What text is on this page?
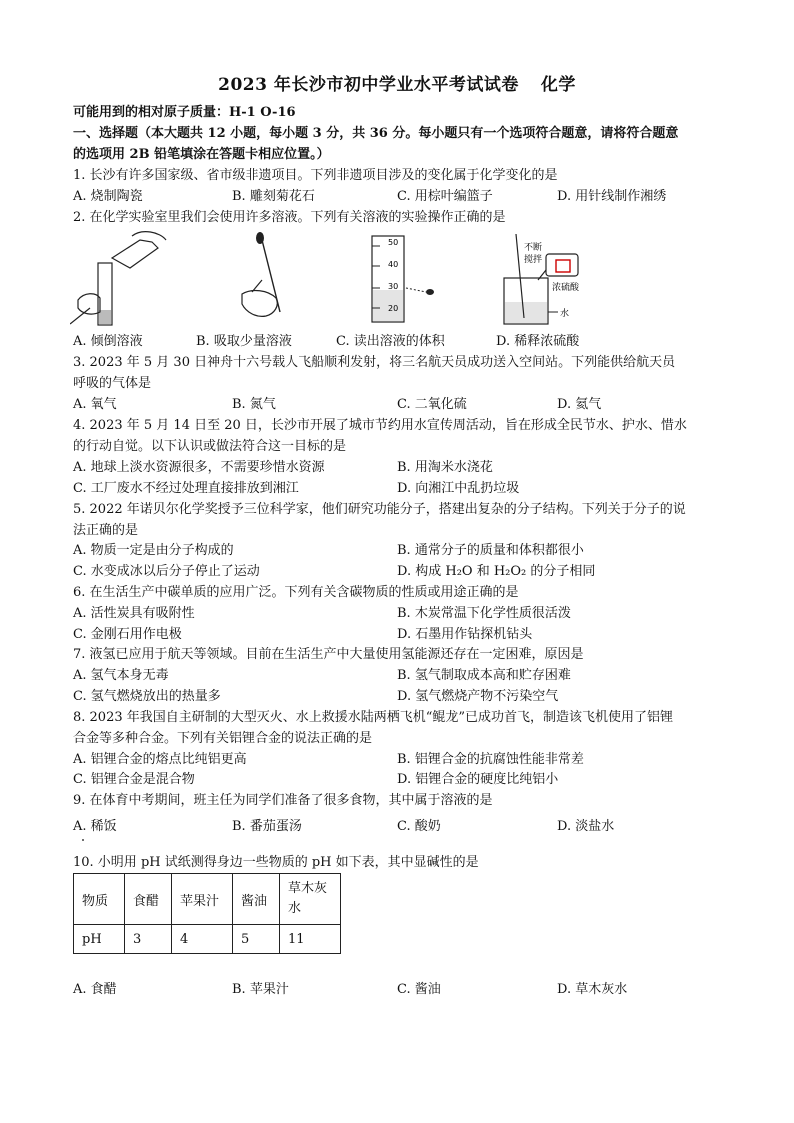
2023 年长沙市初中学业水平考试试卷 化学
可能用到的相对原子质量：H-1 O-16
一、选择题（本大题共 12 小题，每小题 3 分，共 36 分。每小题只有一个选项符合题意，请将符合题意
的选项用 2B 铅笔填涂在答题卡相应位置。）
1. 长沙有许多国家级、省市级非遗项目。下列非遗项目涉及的变化属于化学变化的是
A. 烧制陶瓷	B. 雕刻菊花石	C. 用棕叶编篮子	D. 用针线制作湘绣
2. 在化学实验室里我们会使用许多溶液。下列有关溶液的实验操作正确的是
50
40
30
20
不断
搅拌
浓硫酸
水
A. 倾倒溶液	B. 吸取少量溶液	C. 读出溶液的体积	D. 稀释浓硫酸
3. 2023 年 5 月 30 日神舟十六号载人飞船顺利发射，将三名航天员成功送入空间站。下列能供给航天员
呼吸的气体是
A. 氧气	B. 氮气	C. 二氧化硫	D. 氦气
4. 2023 年 5 月 14 日至 20 日，长沙市开展了城市节约用水宣传周活动，旨在形成全民节水、护水、惜水
的行动自觉。以下认识或做法符合这一目标的是
A. 地球上淡水资源很多，不需要珍惜水资源	B. 用淘米水浇花
C. 工厂废水不经过处理直接排放到湘江	D. 向湘江中乱扔垃圾
5. 2022 年诺贝尔化学奖授予三位科学家，他们研究功能分子，搭建出复杂的分子结构。下列关于分子的说
法正确的是
A. 物质一定是由分子构成的	B. 通常分子的质量和体积都很小
C. 水变成冰以后分子停止了运动	D. 构成 H₂O 和 H₂O₂ 的分子相同
6. 在生活生产中碳单质的应用广泛。下列有关含碳物质的性质或用途正确的是
A. 活性炭具有吸附性	B. 木炭常温下化学性质很活泼
C. 金刚石用作电极	D. 石墨用作钻探机钻头
7. 液氢已应用于航天等领域。目前在生活生产中大量使用氢能源还存在一定困难，原因是
A. 氢气本身无毒	B. 氢气制取成本高和贮存困难
C. 氢气燃烧放出的热量多	D. 氢气燃烧产物不污染空气
8. 2023 年我国自主研制的大型灭火、水上救援水陆两栖飞机“鲲龙”已成功首飞，制造该飞机使用了铝锂
合金等多种合金。下列有关铝锂合金的说法正确的是
A. 铝锂合金的熔点比纯铝更高	B. 铝锂合金的抗腐蚀性能非常差
C. 铝锂合金是混合物	D. 铝锂合金的硬度比纯铝小
9. 在体育中考期间，班主任为同学们准备了很多食物，其中属于溶液的是
A. 稀饭	B. 番茄蛋汤	C. 酸奶	D. 淡盐水
10. 小明用 pH 试纸测得身边一些物质的 pH 如下表，其中显碱性的是
物质	食醋	苹果汁	酱油	草木灰水
pH	3	4	5	11
A. 食醋	B. 苹果汁	C. 酱油	D. 草木灰水
